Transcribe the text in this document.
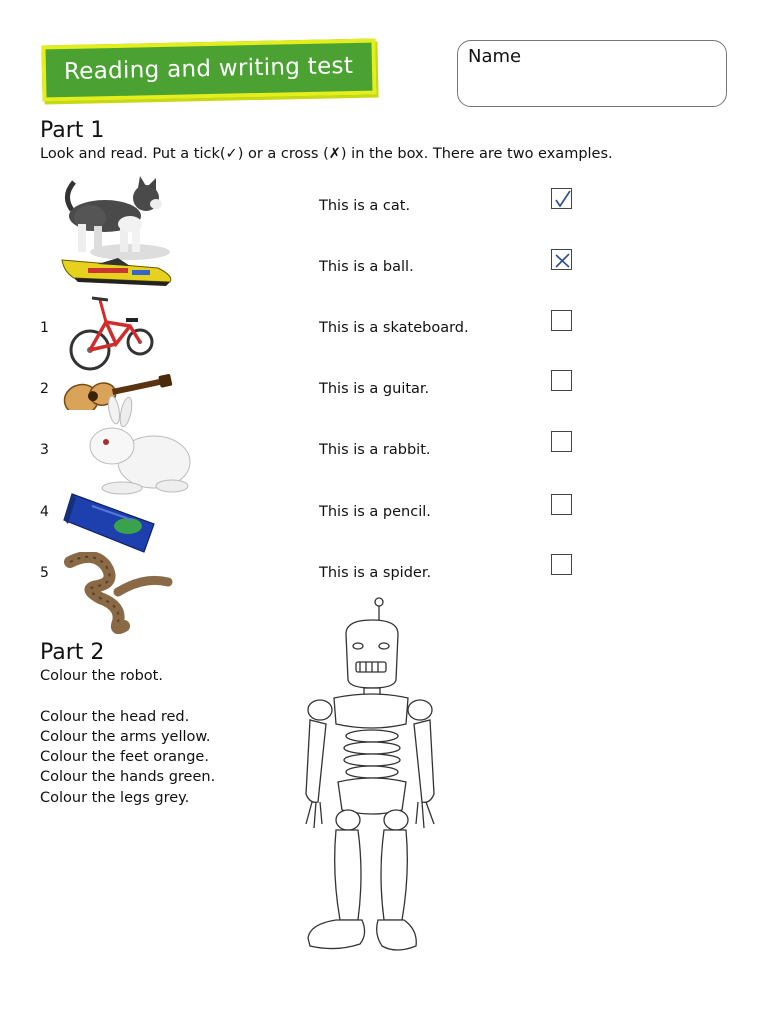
Reading and writing test	Name
Part 1
Look and read. Put a tick(✓) or a cross (✗) in the box. There are two examples.
This is a cat.
This is a ball.
1	This is a skateboard.
2	This is a guitar.
3	This is a rabbit.
4	This is a pencil.
5	This is a spider.
Part 2
Colour the robot.
Colour the head red.
Colour the arms yellow.
Colour the feet orange.
Colour the hands green.
Colour the legs grey.
